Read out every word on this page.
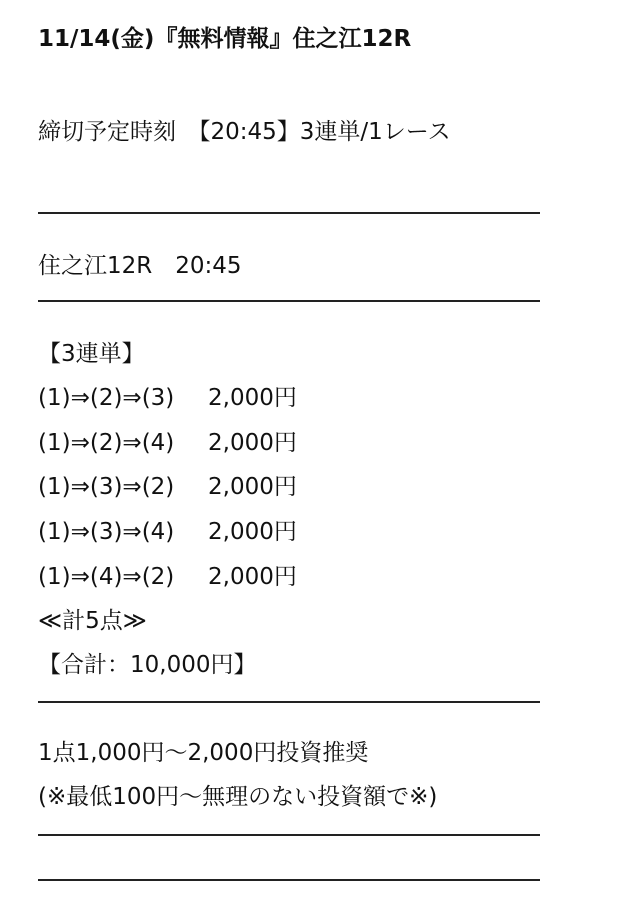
11/14(金)『無料情報』住之江12R
締切予定時刻　【20:45】3連単/1レース
住之江12R　20:45
【3連単】
(1)⇒(2)⇒(3) 2,000円
(1)⇒(2)⇒(4) 2,000円
(1)⇒(3)⇒(2) 2,000円
(1)⇒(3)⇒(4) 2,000円
(1)⇒(4)⇒(2) 2,000円
≪計5点≫
【合計：10,000円】
1点1,000円～2,000円投資推奨
(※最低100円～無理のない投資額で※)
